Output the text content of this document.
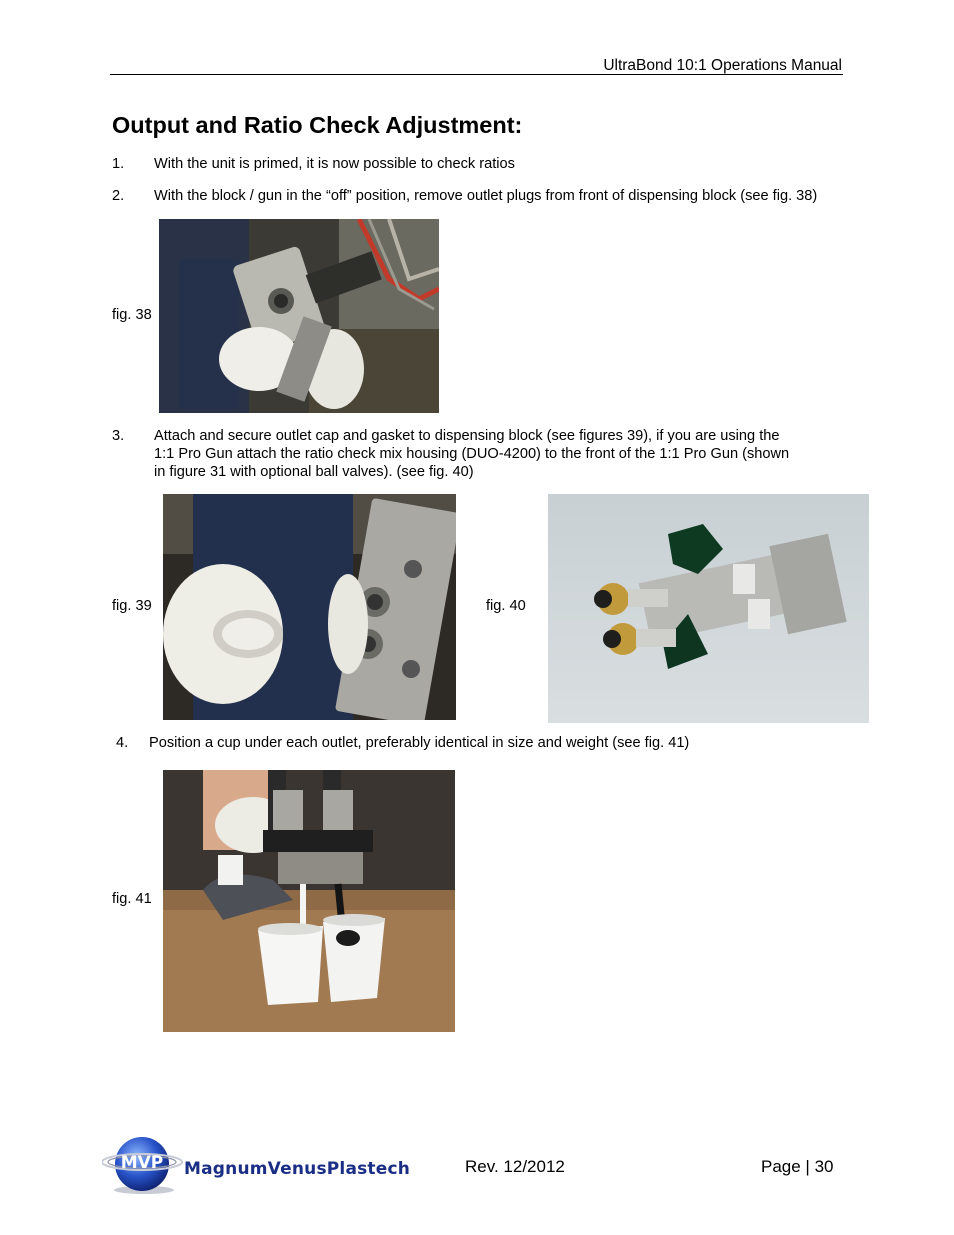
UltraBond 10:1 Operations Manual
Output and Ratio Check Adjustment:
1. With the unit is primed, it is now possible to check ratios
2. With the block / gun in the “off” position, remove outlet plugs from front of dispensing block (see fig. 38)
fig. 38
3. Attach and secure outlet cap and gasket to dispensing block (see figures 39), if you are using the
1:1 Pro Gun attach the ratio check mix housing (DUO-4200) to the front of the 1:1 Pro Gun (shown
in figure 31 with optional ball valves). (see fig. 40)
fig. 39	fig. 40
4. Position a cup under each outlet, preferably identical in size and weight (see fig. 41)
fig. 41
MVP	MagnumVenusPlastech	Rev. 12/2012	Page | 30
